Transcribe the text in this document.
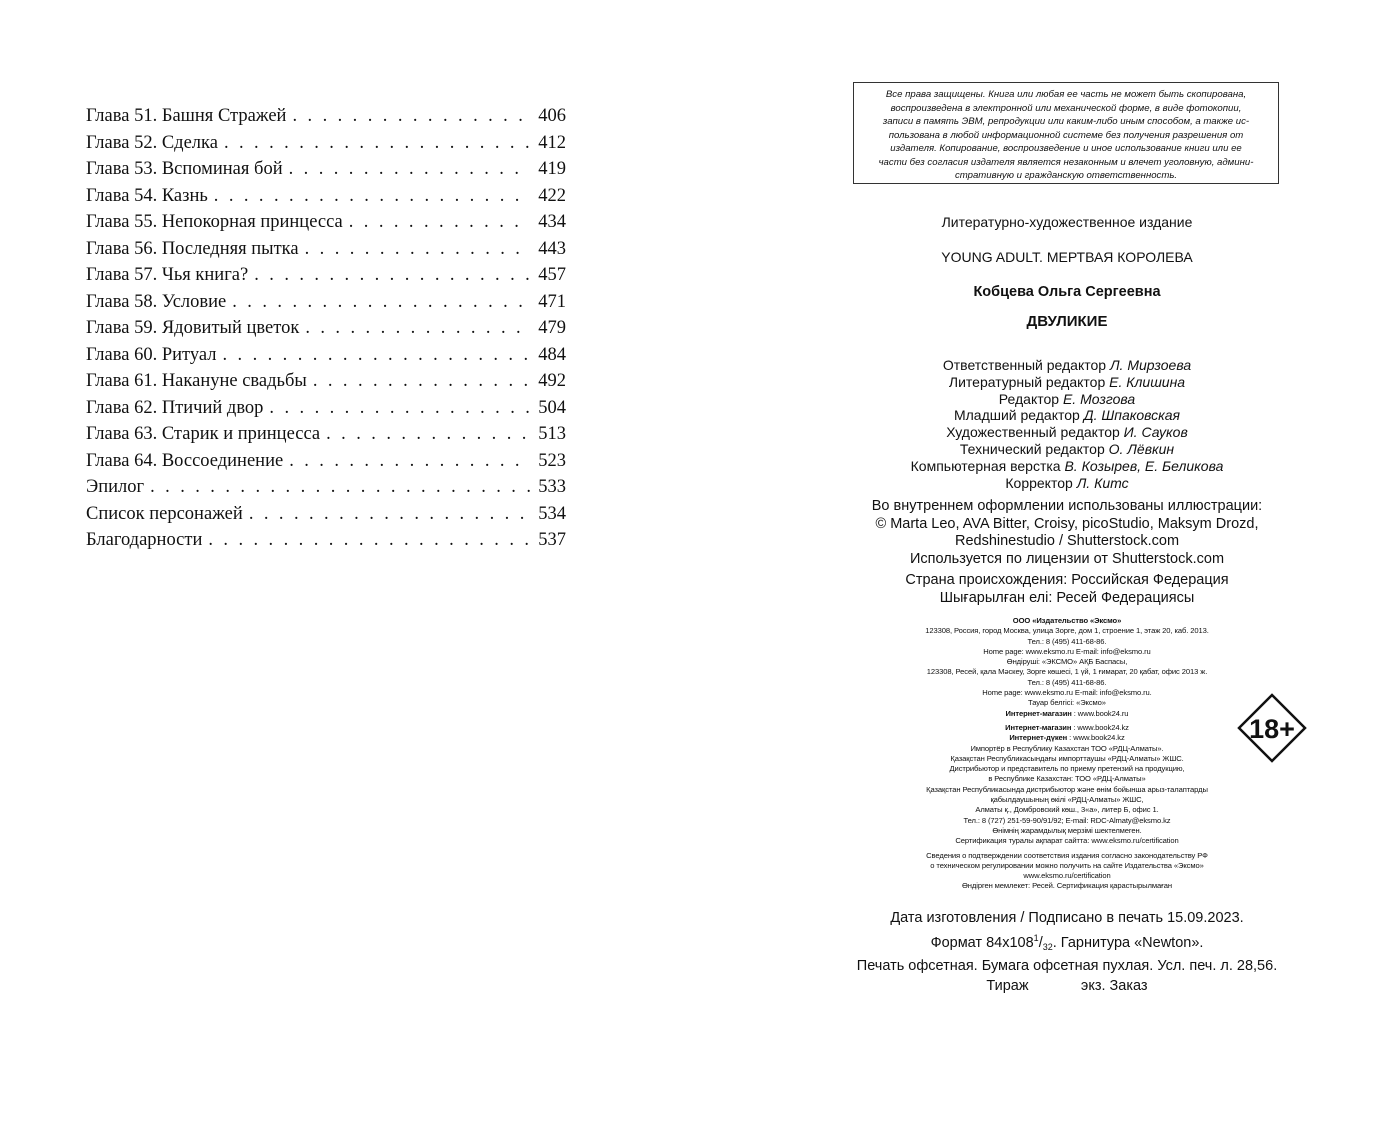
Глава 51. Башня Стражей . . .	406
Глава 52. Сделка . . .	412
Глава 53. Вспоминая бой . . .	419
Глава 54. Казнь . . .	422
Глава 55. Непокорная принцесса . . .	434
Глава 56. Последняя пытка . . .	443
Глава 57. Чья книга? . . .	457
Глава 58. Условие . . .	471
Глава 59. Ядовитый цветок . . .	479
Глава 60. Ритуал . . .	484
Глава 61. Накануне свадьбы . . .	492
Глава 62. Птичий двор . . .	504
Глава 63. Старик и принцесса . . .	513
Глава 64. Воссоединение . . .	523
Эпилог . . .	533
Список персонажей . . .	534
Благодарности . . .	537
Все права защищены. Книга или любая ее часть не может быть скопирована,
воспроизведена в электронной или механической форме, в виде фотокопии,
записи в память ЭВМ, репродукции или каким-либо иным способом, а также ис-
пользована в любой информационной системе без получения разрешения от
издателя. Копирование, воспроизведение и иное использование книги или ее
части без согласия издателя является незаконным и влечет уголовную, админи-
стративную и гражданскую ответственность.
Литературно-художественное издание
YOUNG ADULT. МЕРТВАЯ КОРОЛЕВА
Кобцева Ольга Сергеевна
ДВУЛИКИЕ
Ответственный редактор Л. Мирзоева
Литературный редактор Е. Клишина
Редактор Е. Мозгова
Младший редактор Д. Шпаковская
Художественный редактор И. Сауков
Технический редактор О. Лёвкин
Компьютерная верстка В. Козырев, Е. Беликова
Корректор Л. Китс
Во внутреннем оформлении использованы иллюстрации:
© Marta Leo, AVA Bitter, Croisy, picoStudio, Maksym Drozd,
Redshinestudio / Shutterstock.com
Используется по лицензии от Shutterstock.com
Страна происхождения: Российская Федерация
Шығарылған елі: Ресей Федерациясы
ООО «Издательство «Эксмо»
123308, Россия, город Москва, улица Зорге, дом 1, строение 1, этаж 20, каб. 2013.
Тел.: 8 (495) 411-68-86.
Home page: www.eksmo.ru E-mail: info@eksmo.ru
Өндіруші: «ЭКСМО» АҚБ Баспасы,
123308, Ресей, қала Мәскеу, Зорге көшесі, 1 үй, 1 ғимарат, 20 қабат, офис 2013 ж.
Тел.: 8 (495) 411-68-86.
Home page: www.eksmo.ru E-mail: info@eksmo.ru.
Тауар белгісі: «Эксмо»
Интернет-магазин : www.book24.ru
Интернет-магазин : www.book24.kz
Интернет-дүкен : www.book24.kz
Импортёр в Республику Казахстан ТОО «РДЦ-Алматы».
Қазақстан Республикасындағы импорттаушы «РДЦ-Алматы» ЖШС.
Дистрибьютор и представитель по приему претензий на продукцию,
в Республике Казахстан: ТОО «РДЦ-Алматы»
Қазақстан Республикасында дистрибьютор және өнім бойынша арыз-талаптарды
қабылдаушының өкілі «РДЦ-Алматы» ЖШС,
Алматы қ., Домбровский көш., 3«а», литер Б, офис 1.
Тел.: 8 (727) 251-59-90/91/92; E-mail: RDC-Almaty@eksmo.kz
Өнімнің жарамдылық мерзімі шектелмеген.
Сертификация туралы ақпарат сайтта: www.eksmo.ru/certification
Сведения о подтверждении соответствия издания согласно законодательству РФ
о техническом регулировании можно получить на сайте Издательства «Эксмо»
www.eksmo.ru/certification
Өндірген мемлекет: Ресей. Сертификация қарастырылмаған
Дата изготовления / Подписано в печать 15.09.2023.
Формат $84x108^1/_{32}$. Гарнитура «Newton».
Печать офсетная. Бумага офсетная пухлая. Усл. печ. л. 28,56.
Тираж             экз. Заказ
18+
